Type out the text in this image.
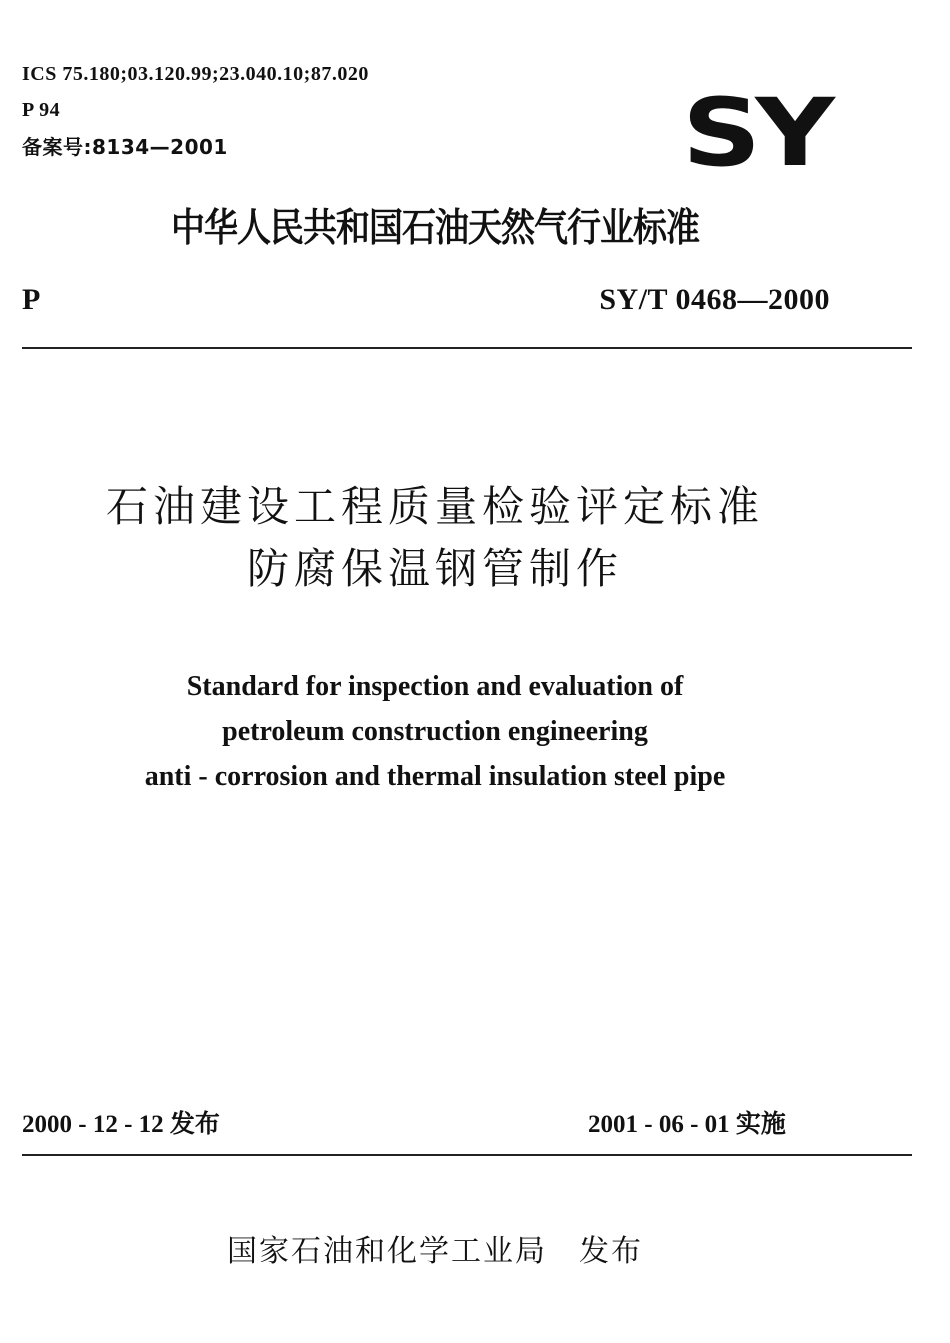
ICS 75.180;03.120.99;23.040.10;87.020
P 94
备案号:8134—2001	SY
中华人民共和国石油天然气行业标准
P	SY/T 0468—2000
石油建设工程质量检验评定标准
防腐保温钢管制作
Standard for inspection and evaluation of
petroleum construction engineering
anti - corrosion and thermal insulation steel pipe
2000 - 12 - 12 发布	2001 - 06 - 01 实施
国家石油和化学工业局　发布
